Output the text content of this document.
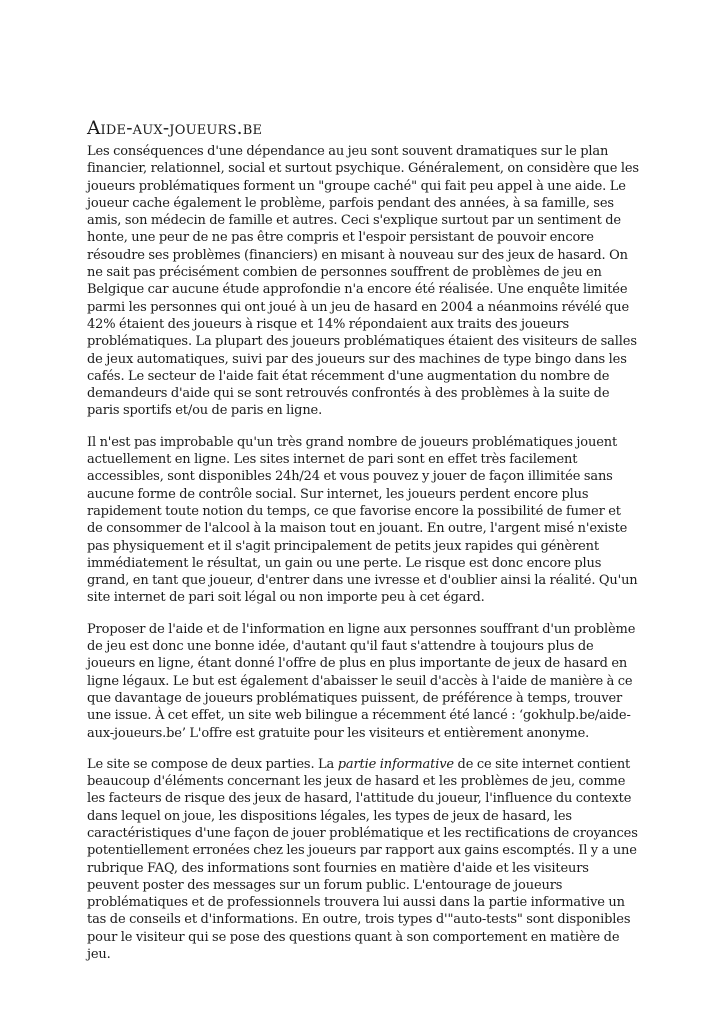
Aide-aux-joueurs.be

Les conséquences d'une dépendance au jeu sont souvent dramatiques sur le plan financier, relationnel, social et surtout psychique. Généralement, on considère que les joueurs problématiques forment un "groupe caché" qui fait peu appel à une aide. Le joueur cache également le problème, parfois pendant des années, à sa famille, ses amis, son médecin de famille et autres. Ceci s'explique surtout par un sentiment de honte, une peur de ne pas être compris et l'espoir persistant de pouvoir encore résoudre ses problèmes (financiers) en misant à nouveau sur des jeux de hasard. On ne sait pas précisément combien de personnes souffrent de problèmes de jeu en Belgique car aucune étude approfondie n'a encore été réalisée. Une enquête limitée parmi les personnes qui ont joué à un jeu de hasard en 2004 a néanmoins révélé que 42% étaient des joueurs à risque et 14% répondaient aux traits des joueurs problématiques. La plupart des joueurs problématiques étaient des visiteurs de salles de jeux automatiques, suivi par des joueurs sur des machines de type bingo dans les cafés. Le secteur de l'aide fait état récemment d'une augmentation du nombre de demandeurs d'aide qui se sont retrouvés confrontés à des problèmes à la suite de paris sportifs et/ou de paris en ligne.

Il n'est pas improbable qu'un très grand nombre de joueurs problématiques jouent actuellement en ligne. Les sites internet de pari sont en effet très facilement accessibles, sont disponibles 24h/24 et vous pouvez y jouer de façon illimitée sans aucune forme de contrôle social. Sur internet, les joueurs perdent encore plus rapidement toute notion du temps, ce que favorise encore la possibilité de fumer et de consommer de l'alcool à la maison tout en jouant. En outre, l'argent misé n'existe pas physiquement et il s'agit principalement de petits jeux rapides qui génèrent immédiatement le résultat, un gain ou une perte. Le risque est donc encore plus grand, en tant que joueur, d'entrer dans une ivresse et d'oublier ainsi la réalité. Qu'un site internet de pari soit légal ou non importe peu à cet égard.

Proposer de l'aide et de l'information en ligne aux personnes souffrant d'un problème de jeu est donc une bonne idée, d'autant qu'il faut s'attendre à toujours plus de joueurs en ligne, étant donné l'offre de plus en plus importante de jeux de hasard en ligne légaux. Le but est également d'abaisser le seuil d'accès à l'aide de manière à ce que davantage de joueurs problématiques puissent, de préférence à temps, trouver une issue. À cet effet, un site web bilingue a récemment été lancé : ‘gokhulp.be/aide-aux-joueurs.be’ L'offre est gratuite pour les visiteurs et entièrement anonyme.

Le site se compose de deux parties. La partie informative de ce site internet contient beaucoup d'éléments concernant les jeux de hasard et les problèmes de jeu, comme les facteurs de risque des jeux de hasard, l'attitude du joueur, l'influence du contexte dans lequel on joue, les dispositions légales, les types de jeux de hasard, les caractéristiques d'une façon de jouer problématique et les rectifications de croyances potentiellement erronées chez les joueurs par rapport aux gains escomptés. Il y a une rubrique FAQ, des informations sont fournies en matière d'aide et les visiteurs peuvent poster des messages sur un forum public. L'entourage de joueurs problématiques et de professionnels trouvera lui aussi dans la partie informative un tas de conseils et d'informations. En outre, trois types d'"auto-tests" sont disponibles pour le visiteur qui se pose des questions quant à son comportement en matière de jeu.
